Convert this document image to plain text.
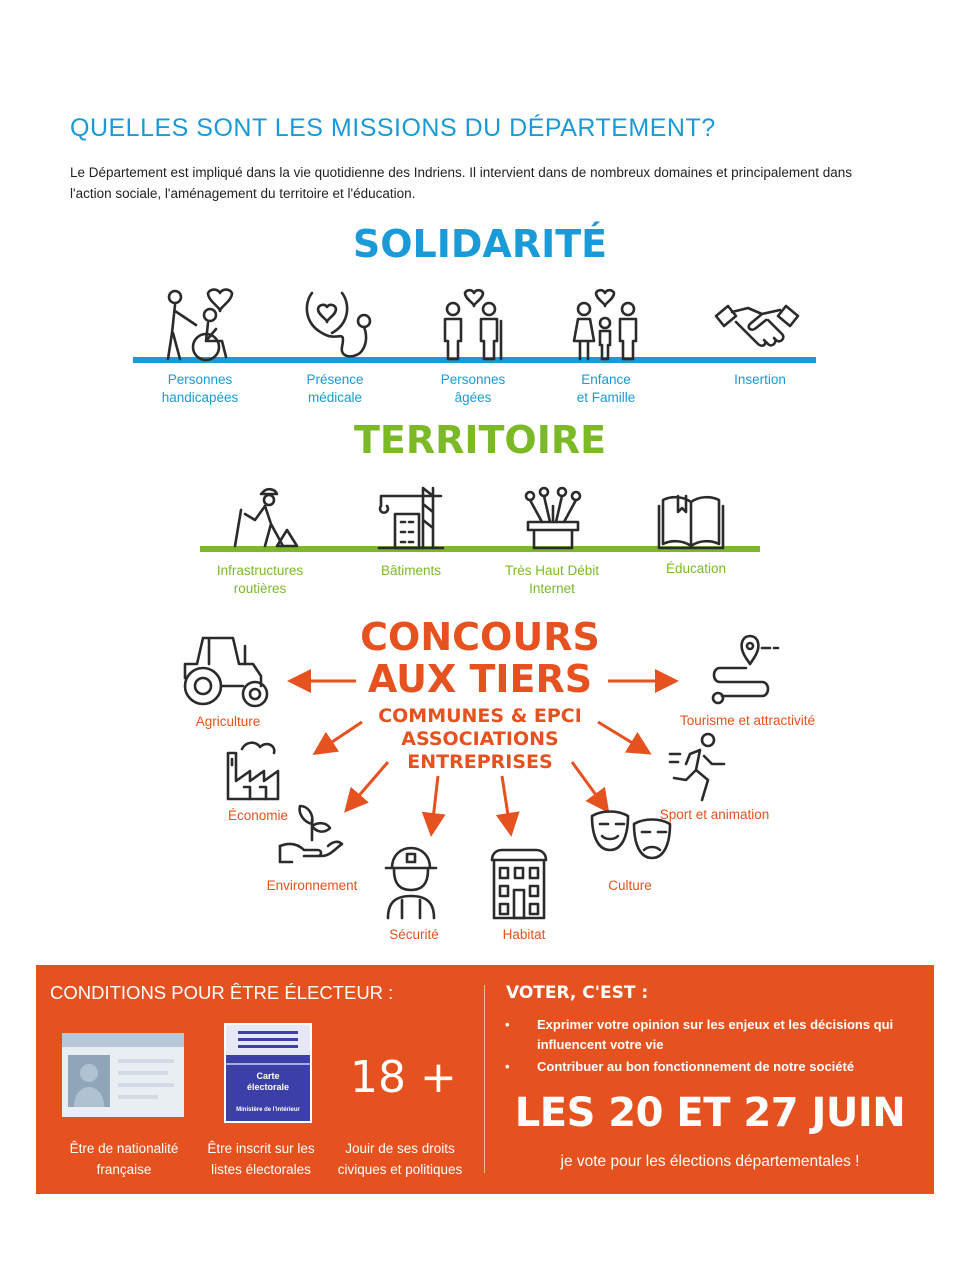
QUELLES SONT LES MISSIONS DU DÉPARTEMENT?
Le Département est impliqué dans la vie quotidienne des Indriens. Il intervient dans de nombreux domaines et principalement dans l'action sociale, l'aménagement du territoire et l'éducation.
SOLIDARITÉ
Personnes
handicapées
Présence
médicale
Personnes
âgées
Enfance
et Famille
Insertion
TERRITOIRE
Infrastructures
routières
Bâtiments	Très Haut Débit
Internet
Éducation
CONCOURS
AUX TIERS
COMMUNES & EPCI
ASSOCIATIONS
ENTREPRISES
Agriculture	Tourisme et attractivité
Économie	Sport et animation
Environnement
Sécurité	Habitat
Culture
CONDITIONS POUR ÊTRE ÉLECTEUR :
Carte
électorale
Ministère de l'intérieur
18 +
Être de nationalité
française
Être inscrit sur les
listes électorales
Jouir de ses droits
civiques et politiques
VOTER, C'EST :
• Exprimer votre opinion sur les enjeux et les décisions qui influencent votre vie
• Contribuer au bon fonctionnement de notre société
LES 20 ET 27 JUIN
je vote pour les élections départementales !
